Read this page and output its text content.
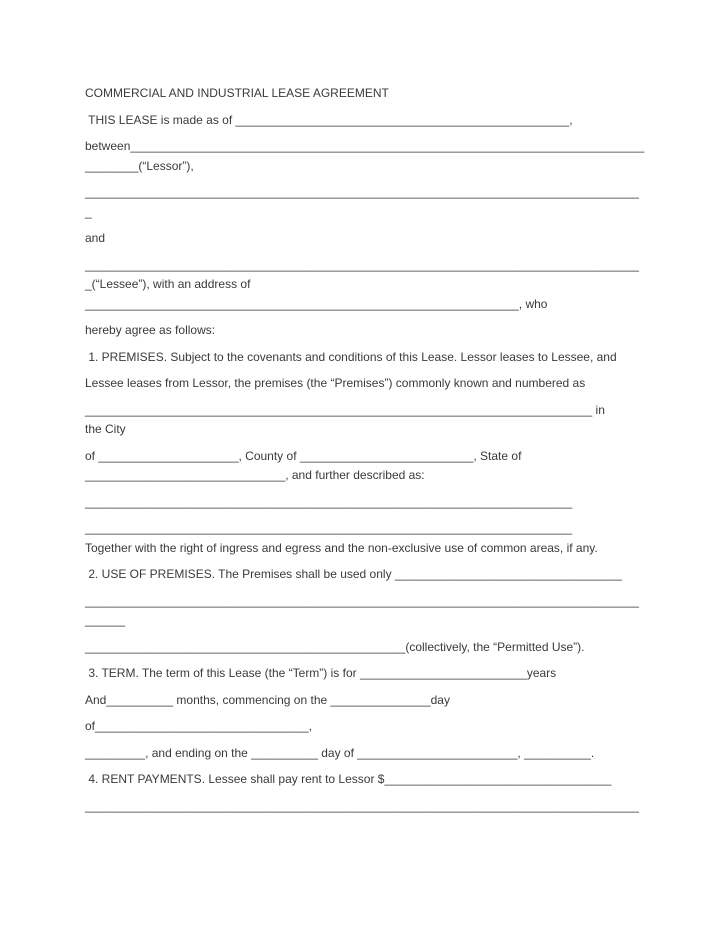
COMMERCIAL AND INDUSTRIAL LEASE AGREEMENT
THIS LEASE is made as of __________________________________________________,
between_____________________________________________________________________________
________(“Lessor”),
___________________________________________________________________________________
_
and
___________________________________________________________________________________
_(“Lessee”), with an address of
_________________________________________________________________, who
hereby agree as follows:
1. PREMISES. Subject to the covenants and conditions of this Lease. Lessor leases to Lessee, and
Lessee leases from Lessor, the premises (the “Premises”) commonly known and numbered as
____________________________________________________________________________ in
the City
of _____________________, County of __________________________, State of
______________________________, and further described as:
_________________________________________________________________________
_________________________________________________________________________
Together with the right of ingress and egress and the non-exclusive use of common areas, if any.
2. USE OF PREMISES. The Premises shall be used only __________________________________
___________________________________________________________________________________
______
________________________________________________(collectively, the “Permitted Use”).
3. TERM. The term of this Lease (the “Term”) is for _________________________years
And__________ months, commencing on the _______________day
of________________________________,
_________, and ending on the __________ day of ________________________, __________.
4. RENT PAYMENTS. Lessee shall pay rent to Lessor $__________________________________
___________________________________________________________________________________
